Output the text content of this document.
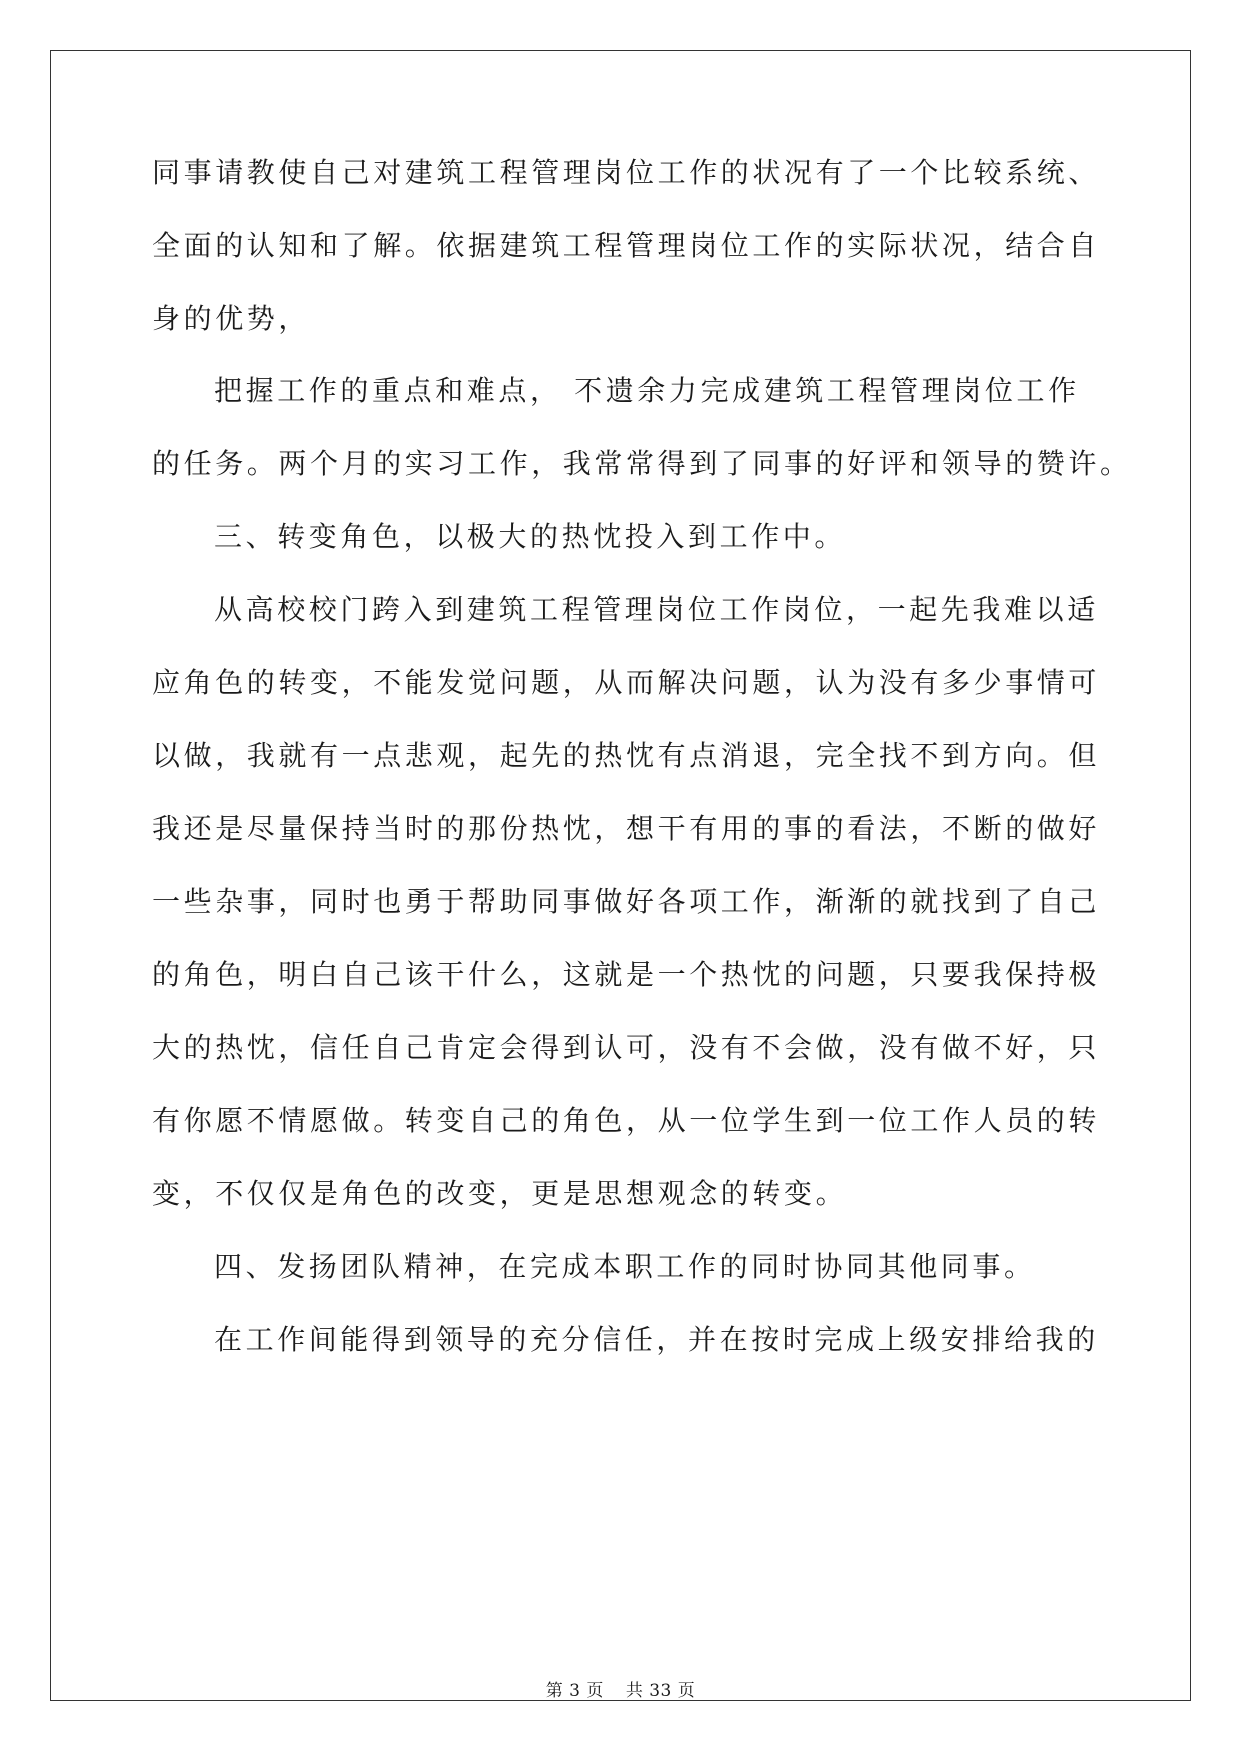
同事请教使自己对建筑工程管理岗位工作的状况有了一个比较系统、
全面的认知和了解。依据建筑工程管理岗位工作的实际状况，结合自
身的优势，
把握工作的重点和难点， 不遗余力完成建筑工程管理岗位工作
的任务。两个月的实习工作，我常常得到了同事的好评和领导的赞许。
三、转变角色，以极大的热忱投入到工作中。
从高校校门跨入到建筑工程管理岗位工作岗位，一起先我难以适
应角色的转变，不能发觉问题，从而解决问题，认为没有多少事情可
以做，我就有一点悲观，起先的热忱有点消退，完全找不到方向。但
我还是尽量保持当时的那份热忱，想干有用的事的看法，不断的做好
一些杂事，同时也勇于帮助同事做好各项工作，渐渐的就找到了自己
的角色，明白自己该干什么，这就是一个热忱的问题，只要我保持极
大的热忱，信任自己肯定会得到认可，没有不会做，没有做不好，只
有你愿不情愿做。转变自己的角色，从一位学生到一位工作人员的转
变，不仅仅是角色的改变，更是思想观念的转变。
四、发扬团队精神，在完成本职工作的同时协同其他同事。
在工作间能得到领导的充分信任，并在按时完成上级安排给我的
第 3 页 共 33 页
